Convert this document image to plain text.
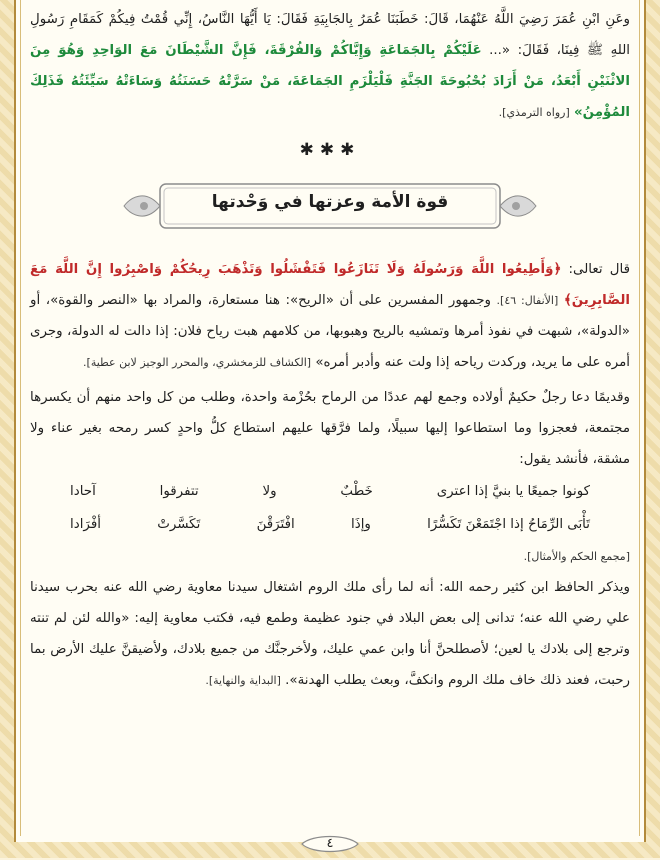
وعَنِ ابْنِ عُمَرَ رَضِيَ اللَّهُ عَنْهُمَا، قَالَ: خَطَبَنَا عُمَرُ بِالجَابِيَةِ فَقَالَ: يَا أَيُّهَا النَّاسُ، إِنِّي قُمْتُ فِيكُمْ كَمَقَامِ رَسُولِ اللهِ ﷺ فِينَا، فَقَالَ: «... عَلَيْكُمْ بِالجَمَاعَةِ وَإِيَّاكُمْ وَالفُرْقَةَ، فَإِنَّ الشَّيْطَانَ مَعَ الوَاحِدِ وَهُوَ مِنَ الاثْنَيْنِ أَبْعَدُ، مَنْ أَرَادَ بُحْبُوحَةَ الجَنَّةِ فَلْيَلْزَمِ الجَمَاعَةَ، مَنْ سَرَّتْهُ حَسَنَتُهُ وَسَاءَتْهُ سَيِّئَتُهُ فَذَلِكَ المُؤْمِنُ» [رواه الترمذي].

✱✱✱
قوة الأمة وعزتها في وَحْدتها

قال تعالى: ﴿وَأَطِيعُوا اللَّهَ وَرَسُولَهُ وَلَا تَنَازَعُوا فَتَفْشَلُوا وَتَذْهَبَ رِيحُكُمْ وَاصْبِرُوا إِنَّ اللَّهَ مَعَ الصَّابِرِينَ﴾ [الأنفال: ٤٦]. وجمهور المفسرين على أن «الريح»: هنا مستعارة، والمراد بها «النصر والقوة»، أو «الدولة»، شبهت في نفوذ أمرها وتمشيه بالريح وهبوبها، من كلامهم هبت رياح فلان: إذا دالت له الدولة، وجرى أمره على ما يريد، وركدت رياحه إذا ولت عنه وأدبر أمره» [الكشاف للزمخشري، والمحرر الوجيز لابن عطية].

وقديمًا دعا رجلٌ حكيمٌ أولاده وجمع لهم عددًا من الرماح بحُزْمة واحدة، وطلب من كل واحد منهم أن يكسرها مجتمعة، فعجزوا وما استطاعوا إليها سبيلًا، ولما فرَّقها عليهم استطاع كلُّ واحدٍ كسر رمحه بغير عناء ولا مشقة، فأنشد يقول:

كونوا جميعًا يا بنيَّ إذا اعترى
خَطْبٌ
ولا
تتفرقوا
آحادا
تَأْبَى الرِّمَاحُ إذا اجْتَمَعْنَ تَكَسُّرًا
وإذَا
افْتَرَقْنَ
تَكَسَّرتْ
أفْرَادا

[مجمع الحكم والأمثال].

ويذكر الحافظ ابن كثير رحمه الله: أنه لما رأى ملك الروم اشتغال سيدنا معاوية رضي الله عنه بحرب سيدنا علي رضي الله عنه؛ تدانى إلى بعض البلاد في جنود عظيمة وطمع فيه، فكتب معاوية إليه: «والله لئن لم تنته وترجع إلى بلادك يا لعين؛ لأصطلحنَّ أنا وابن عمي عليك، ولأخرجنَّك من جميع بلادك، ولأضيقنَّ عليك الأرض بما رحبت، فعند ذلك خاف ملك الروم وانكفَّ، وبعث يطلب الهدنة». [البداية والنهاية].

٤
